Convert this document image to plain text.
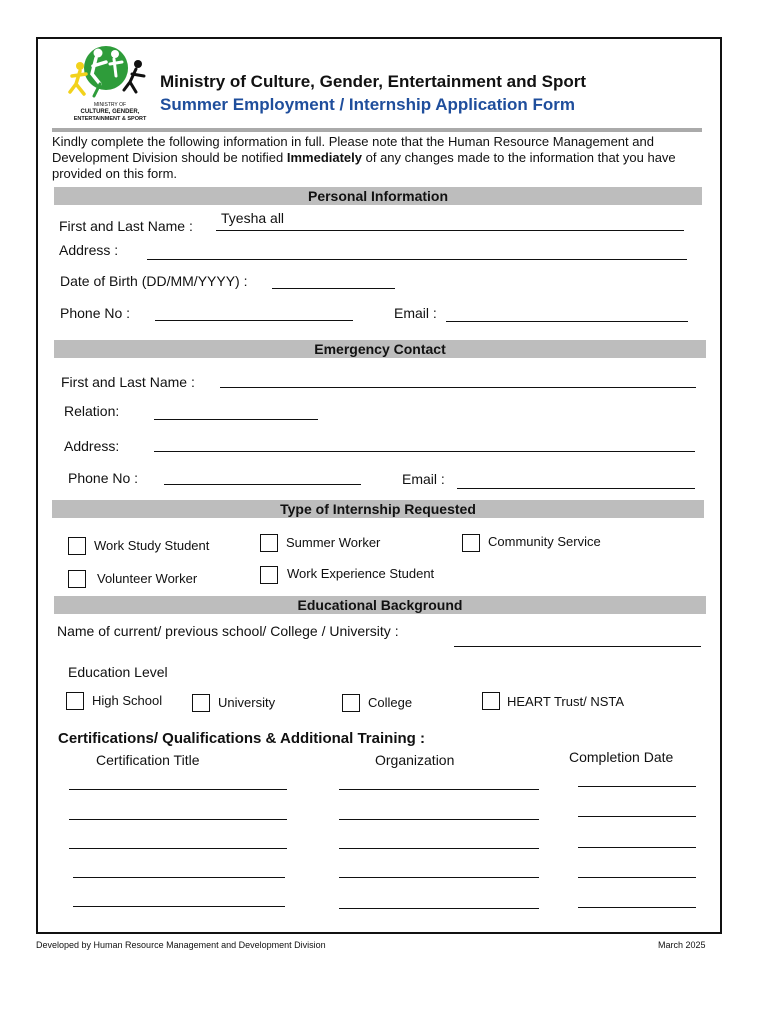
MINISTRY OF
CULTURE, GENDER,
ENTERTAINMENT & SPORT
Ministry of Culture, Gender, Entertainment and Sport
Summer Employment / Internship Application Form
Kindly complete the following information in full. Please note that the Human Resource Management and Development Division should be notified Immediately of any changes made to the information that you have provided on this form.
Personal Information
First and Last Name : Tyesha all
Address :
Date of Birth (DD/MM/YYYY) :
Phone No :	Email :
Emergency Contact
First and Last Name :
Relation:
Address:
Phone No :	Email :
Type of Internship Requested
Work Study Student	Summer Worker	Community Service
Volunteer Worker	Work Experience Student
Educational Background
Name of current/ previous school/ College / University :
Education Level
High School	University	College	HEART Trust/ NSTA
Certifications/ Qualifications & Additional Training :
Certification Title	Organization	Completion Date
Developed by Human Resource Management and Development Division	March 2025
